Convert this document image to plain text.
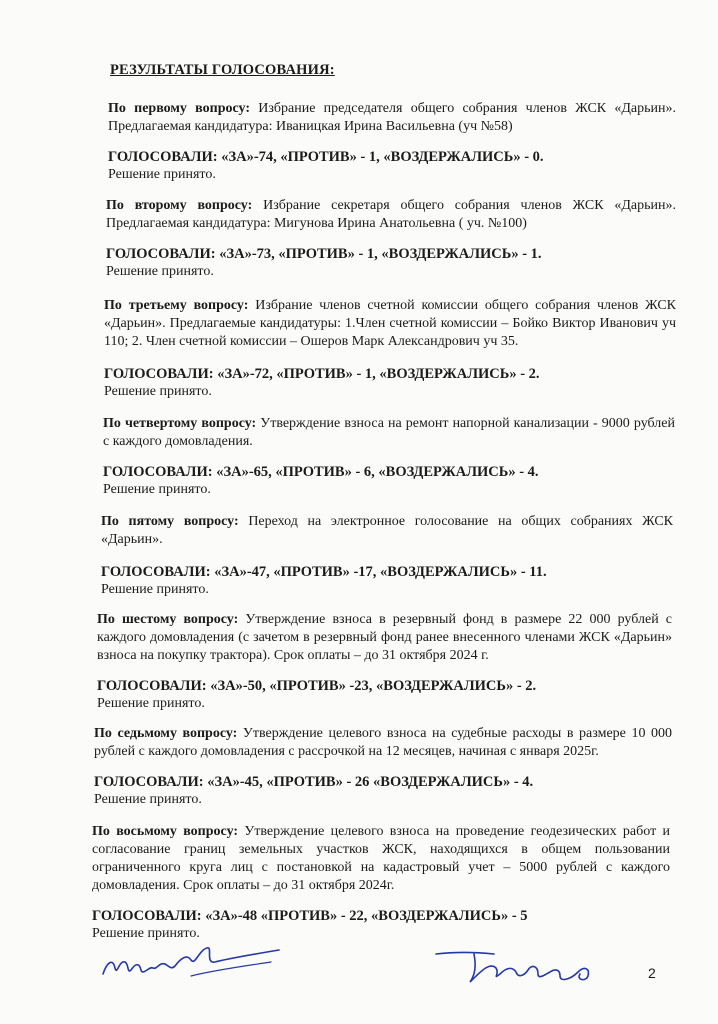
РЕЗУЛЬТАТЫ ГОЛОСОВАНИЯ:

По первому вопросу: Избрание председателя общего собрания членов ЖСК «Дарьин». Предлагаемая кандидатура: Иваницкая Ирина Васильевна (уч №58)

ГОЛОСОВАЛИ: «ЗА»-74, «ПРОТИВ» - 1, «ВОЗДЕРЖАЛИСЬ» - 0.

Решение принято.

По второму вопросу: Избрание секретаря общего собрания членов ЖСК «Дарьин». Предлагаемая кандидатура: Мигунова Ирина Анатольевна ( уч. №100)

ГОЛОСОВАЛИ: «ЗА»-73, «ПРОТИВ» - 1, «ВОЗДЕРЖАЛИСЬ» - 1.

Решение принято.

По третьему вопросу: Избрание членов счетной комиссии общего собрания членов ЖСК «Дарьин». Предлагаемые кандидатуры: 1.Член счетной комиссии – Бойко Виктор Иванович уч 110; 2. Член счетной комиссии – Ошеров Марк Александрович уч 35.

ГОЛОСОВАЛИ: «ЗА»-72, «ПРОТИВ» - 1, «ВОЗДЕРЖАЛИСЬ» - 2.

Решение принято.

По четвертому вопросу: Утверждение взноса на ремонт напорной канализации - 9000 рублей с каждого домовладения.

ГОЛОСОВАЛИ: «ЗА»-65, «ПРОТИВ» - 6, «ВОЗДЕРЖАЛИСЬ» - 4.

Решение принято.

По пятому вопросу: Переход на электронное голосование на общих собраниях ЖСК «Дарьин».

ГОЛОСОВАЛИ: «ЗА»-47, «ПРОТИВ» -17, «ВОЗДЕРЖАЛИСЬ» - 11.

Решение принято.

По шестому вопросу: Утверждение взноса в резервный фонд в размере 22 000 рублей с каждого домовладения (с зачетом в резервный фонд ранее внесенного членами ЖСК «Дарьин» взноса на покупку трактора). Срок оплаты – до 31 октября 2024 г.

ГОЛОСОВАЛИ: «ЗА»-50, «ПРОТИВ» -23, «ВОЗДЕРЖАЛИСЬ» - 2.

Решение принято.

По седьмому вопросу: Утверждение целевого взноса на судебные расходы в размере 10 000 рублей с каждого домовладения с рассрочкой на 12 месяцев, начиная с января 2025г.

ГОЛОСОВАЛИ: «ЗА»-45, «ПРОТИВ» - 26 «ВОЗДЕРЖАЛИСЬ» - 4.

Решение принято.

По восьмому вопросу: Утверждение целевого взноса на проведение геодезических работ и согласование границ земельных участков ЖСК, находящихся в общем пользовании ограниченного круга лиц с постановкой на кадастровый учет – 5000 рублей с каждого домовладения. Срок оплаты – до 31 октября 2024г.

ГОЛОСОВАЛИ: «ЗА»-48 «ПРОТИВ» - 22, «ВОЗДЕРЖАЛИСЬ» - 5

Решение принято.

2
